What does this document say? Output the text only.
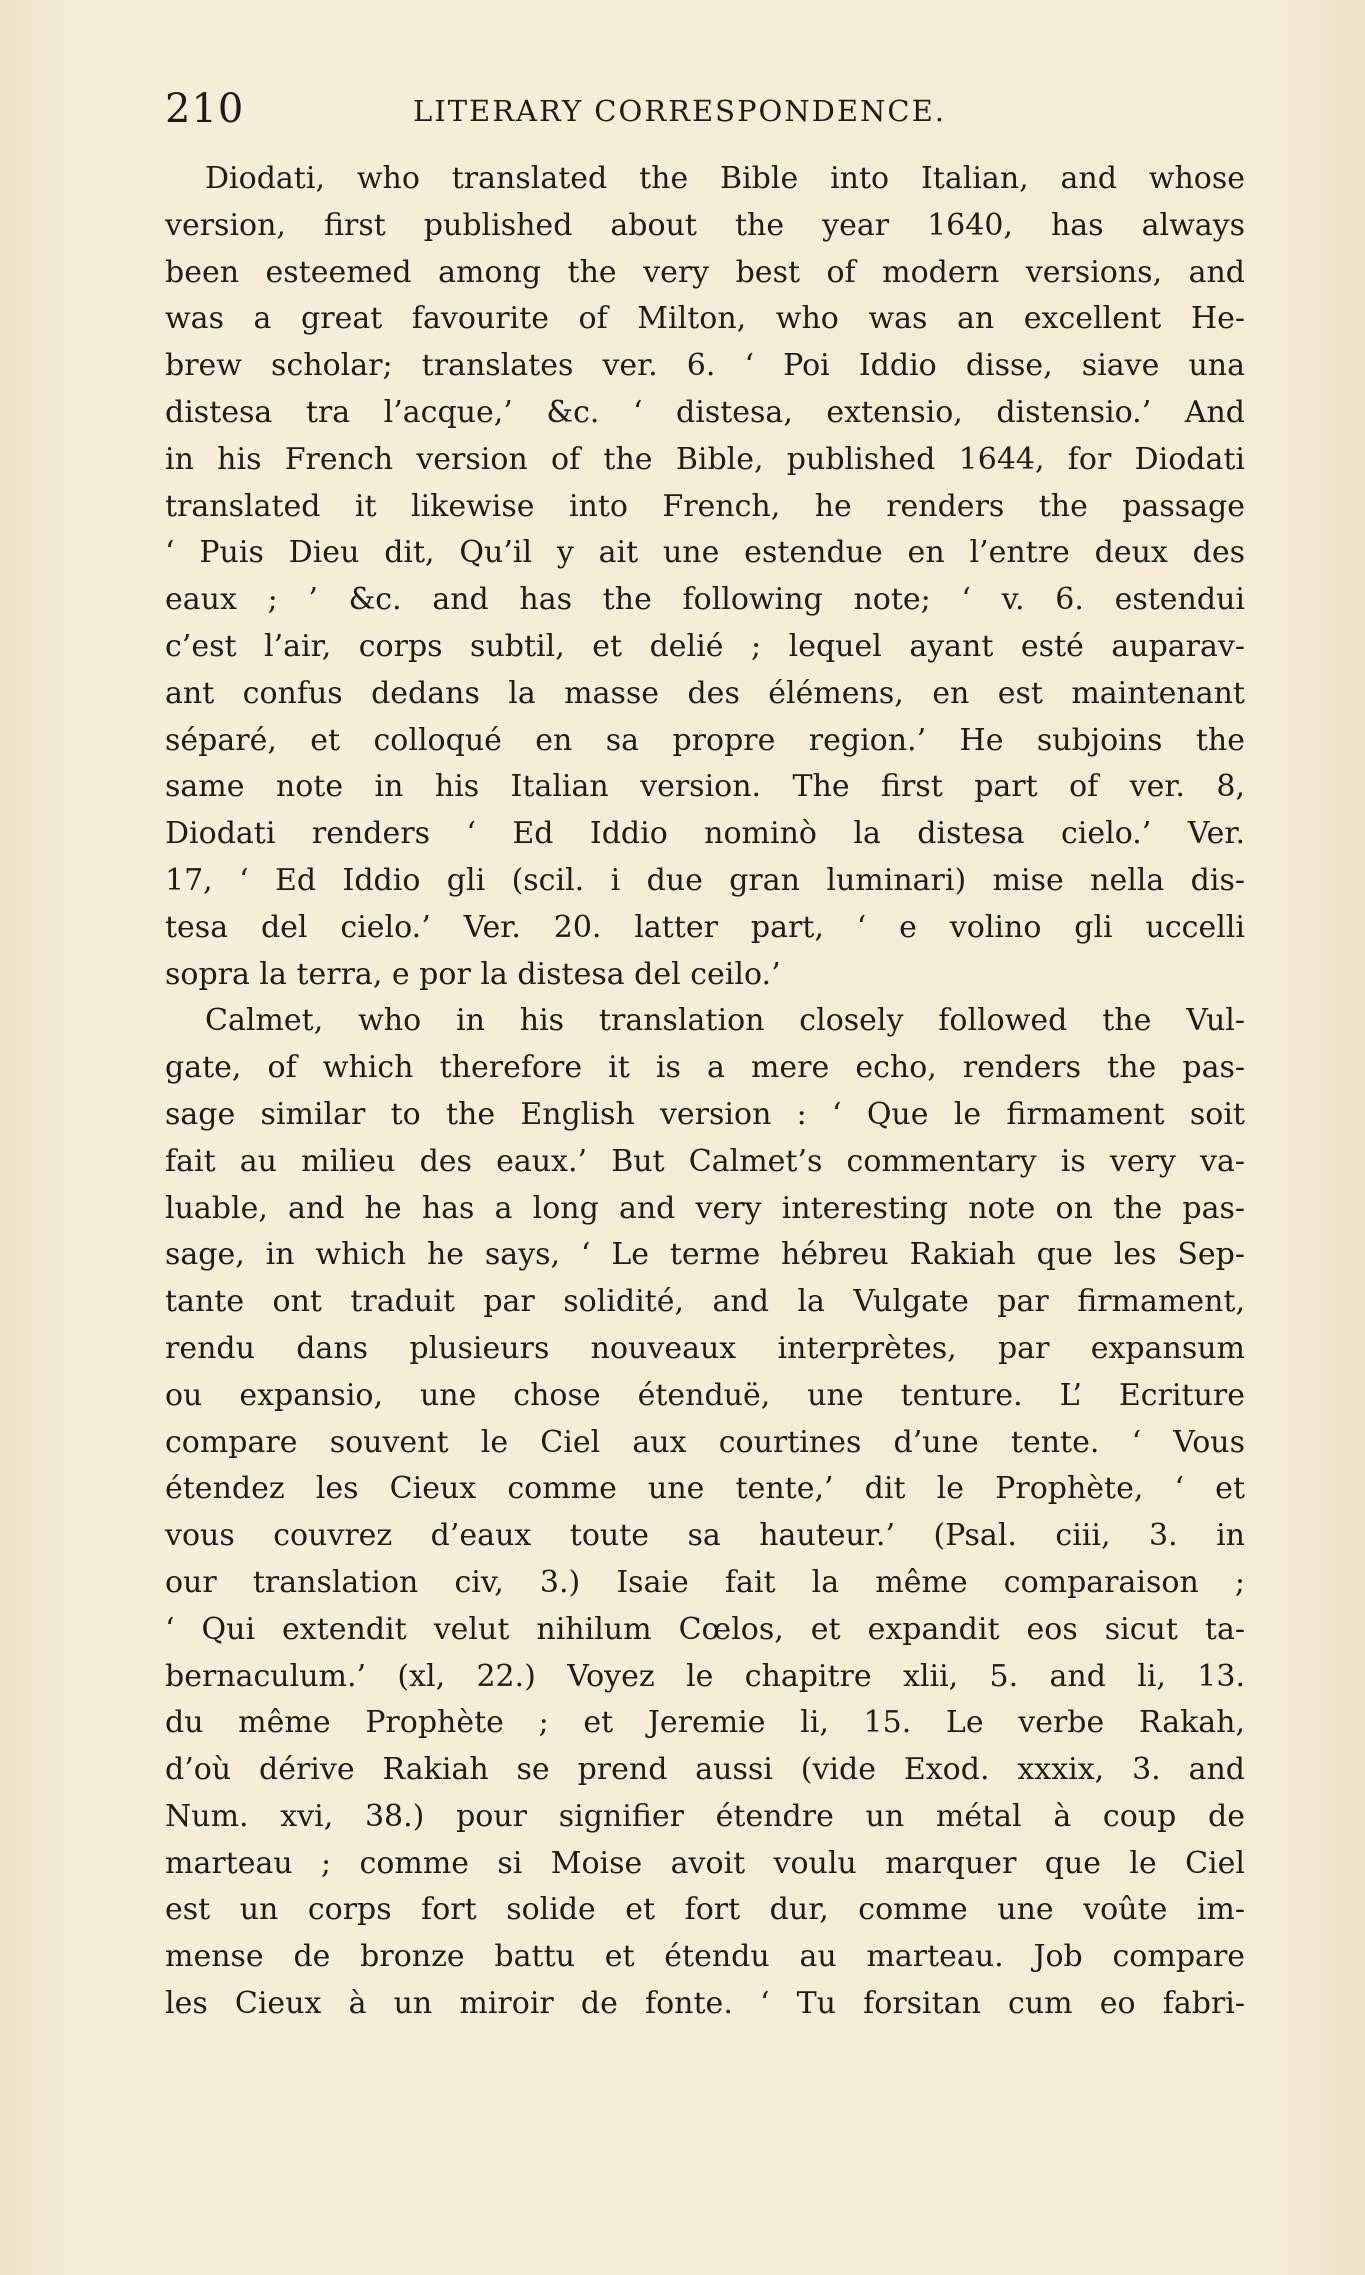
210	LITERARY CORRESPONDENCE.
Diodati, who translated the Bible into Italian, and whose
version, first published about the year 1640, has always
been esteemed among the very best of modern versions, and
was a great favourite of Milton, who was an excellent He-
brew scholar; translates ver. 6. ‘ Poi Iddio disse, siave una
distesa tra l’acque,’ &c. ‘ distesa, extensio, distensio.’ And
in his French version of the Bible, published 1644, for Diodati
translated it likewise into French, he renders the passage
‘ Puis Dieu dit, Qu’il y ait une estendue en l’entre deux des
eaux ; ’ &c. and has the following note; ‘ v. 6. estendui
c’est l’air, corps subtil, et delié ; lequel ayant esté auparav-
ant confus dedans la masse des élémens, en est maintenant
séparé, et colloqué en sa propre region.’ He subjoins the
same note in his Italian version. The first part of ver. 8,
Diodati renders ‘ Ed Iddio nominò la distesa cielo.’ Ver.
17, ‘ Ed Iddio gli (scil. i due gran luminari) mise nella dis-
tesa del cielo.’ Ver. 20. latter part, ‘ e volino gli uccelli
sopra la terra, e por la distesa del ceilo.’
Calmet, who in his translation closely followed the Vul-
gate, of which therefore it is a mere echo, renders the pas-
sage similar to the English version : ‘ Que le firmament soit
fait au milieu des eaux.’ But Calmet’s commentary is very va-
luable, and he has a long and very interesting note on the pas-
sage, in which he says, ‘ Le terme hébreu Rakiah que les Sep-
tante ont traduit par solidité, and la Vulgate par firmament,
rendu dans plusieurs nouveaux interprètes, par expansum
ou expansio, une chose étenduë, une tenture. L’ Ecriture
compare souvent le Ciel aux courtines d’une tente. ‘ Vous
étendez les Cieux comme une tente,’ dit le Prophète, ‘ et
vous couvrez d’eaux toute sa hauteur.’ (Psal. ciii, 3. in
our translation civ, 3.) Isaie fait la même comparaison ;
‘ Qui extendit velut nihilum Cœlos, et expandit eos sicut ta-
bernaculum.’ (xl, 22.) Voyez le chapitre xlii, 5. and li, 13.
du même Prophète ; et Jeremie li, 15. Le verbe Rakah,
d’où dérive Rakiah se prend aussi (vide Exod. xxxix, 3. and
Num. xvi, 38.) pour signifier étendre un métal à coup de
marteau ; comme si Moise avoit voulu marquer que le Ciel
est un corps fort solide et fort dur, comme une voûte im-
mense de bronze battu et étendu au marteau. Job compare
les Cieux à un miroir de fonte. ‘ Tu forsitan cum eo fabri-
